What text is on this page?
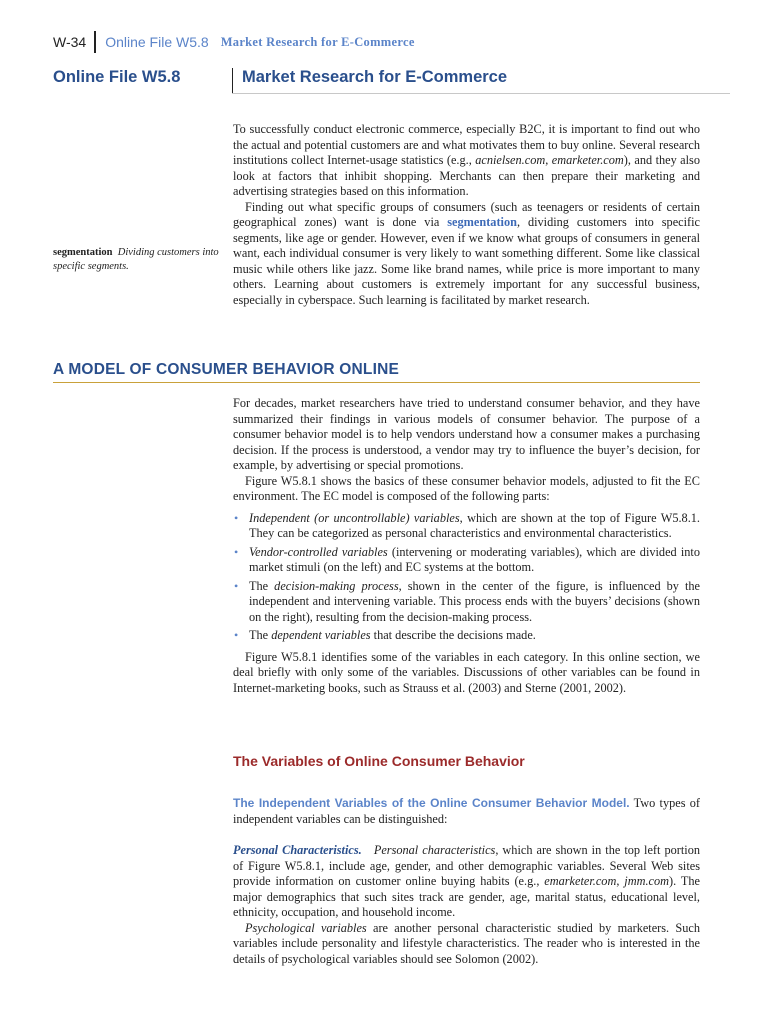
W-34 Online File W5.8 Market Research for E-Commerce
Online File W5.8	Market Research for E-Commerce

To successfully conduct electronic commerce, especially B2C, it is important to find out who the actual and potential customers are and what motivates them to buy online. Several research institutions collect Internet-usage statistics (e.g., acnielsen.com, emarketer.com), and they also look at factors that inhibit shopping. Merchants can then prepare their marketing and advertising strategies based on this information.

Finding out what specific groups of consumers (such as teenagers or residents of certain geographical zones) want is done via segmentation, dividing customers into specific segments, like age or gender. However, even if we know what groups of consumers in general want, each individual consumer is very likely to want something different. Some like classical music while others like jazz. Some like brand names, while price is more important to many others. Learning about customers is extremely important for any successful business, especially in cyberspace. Such learning is facilitated by market research.

segmentation Dividing customers into specific segments.
A MODEL OF CONSUMER BEHAVIOR ONLINE

For decades, market researchers have tried to understand consumer behavior, and they have summarized their findings in various models of consumer behavior. The purpose of a consumer behavior model is to help vendors understand how a consumer makes a purchasing decision. If the process is understood, a vendor may try to influence the buyer’s decision, for example, by advertising or special promotions.

Figure W5.8.1 shows the basics of these consumer behavior models, adjusted to fit the EC environment. The EC model is composed of the following parts:

• Independent (or uncontrollable) variables, which are shown at the top of Figure W5.8.1. They can be categorized as personal characteristics and environmental characteristics.
• Vendor-controlled variables (intervening or moderating variables), which are divided into market stimuli (on the left) and EC systems at the bottom.
• The decision-making process, shown in the center of the figure, is influenced by the independent and intervening variable. This process ends with the buyers’ decisions (shown on the right), resulting from the decision-making process.
• The dependent variables that describe the decisions made.

Figure W5.8.1 identifies some of the variables in each category. In this online section, we deal briefly with only some of the variables. Discussions of other variables can be found in Internet-marketing books, such as Strauss et al. (2003) and Sterne (2001, 2002).

The Variables of Online Consumer Behavior

The Independent Variables of the Online Consumer Behavior Model. Two types of independent variables can be distinguished:

Personal Characteristics. Personal characteristics, which are shown in the top left portion of Figure W5.8.1, include age, gender, and other demographic variables. Several Web sites provide information on customer online buying habits (e.g., emarketer.com, jmm.com). The major demographics that such sites track are gender, age, marital status, educational level, ethnicity, occupation, and household income.

Psychological variables are another personal characteristic studied by marketers. Such variables include personality and lifestyle characteristics. The reader who is interested in the details of psychological variables should see Solomon (2002).
